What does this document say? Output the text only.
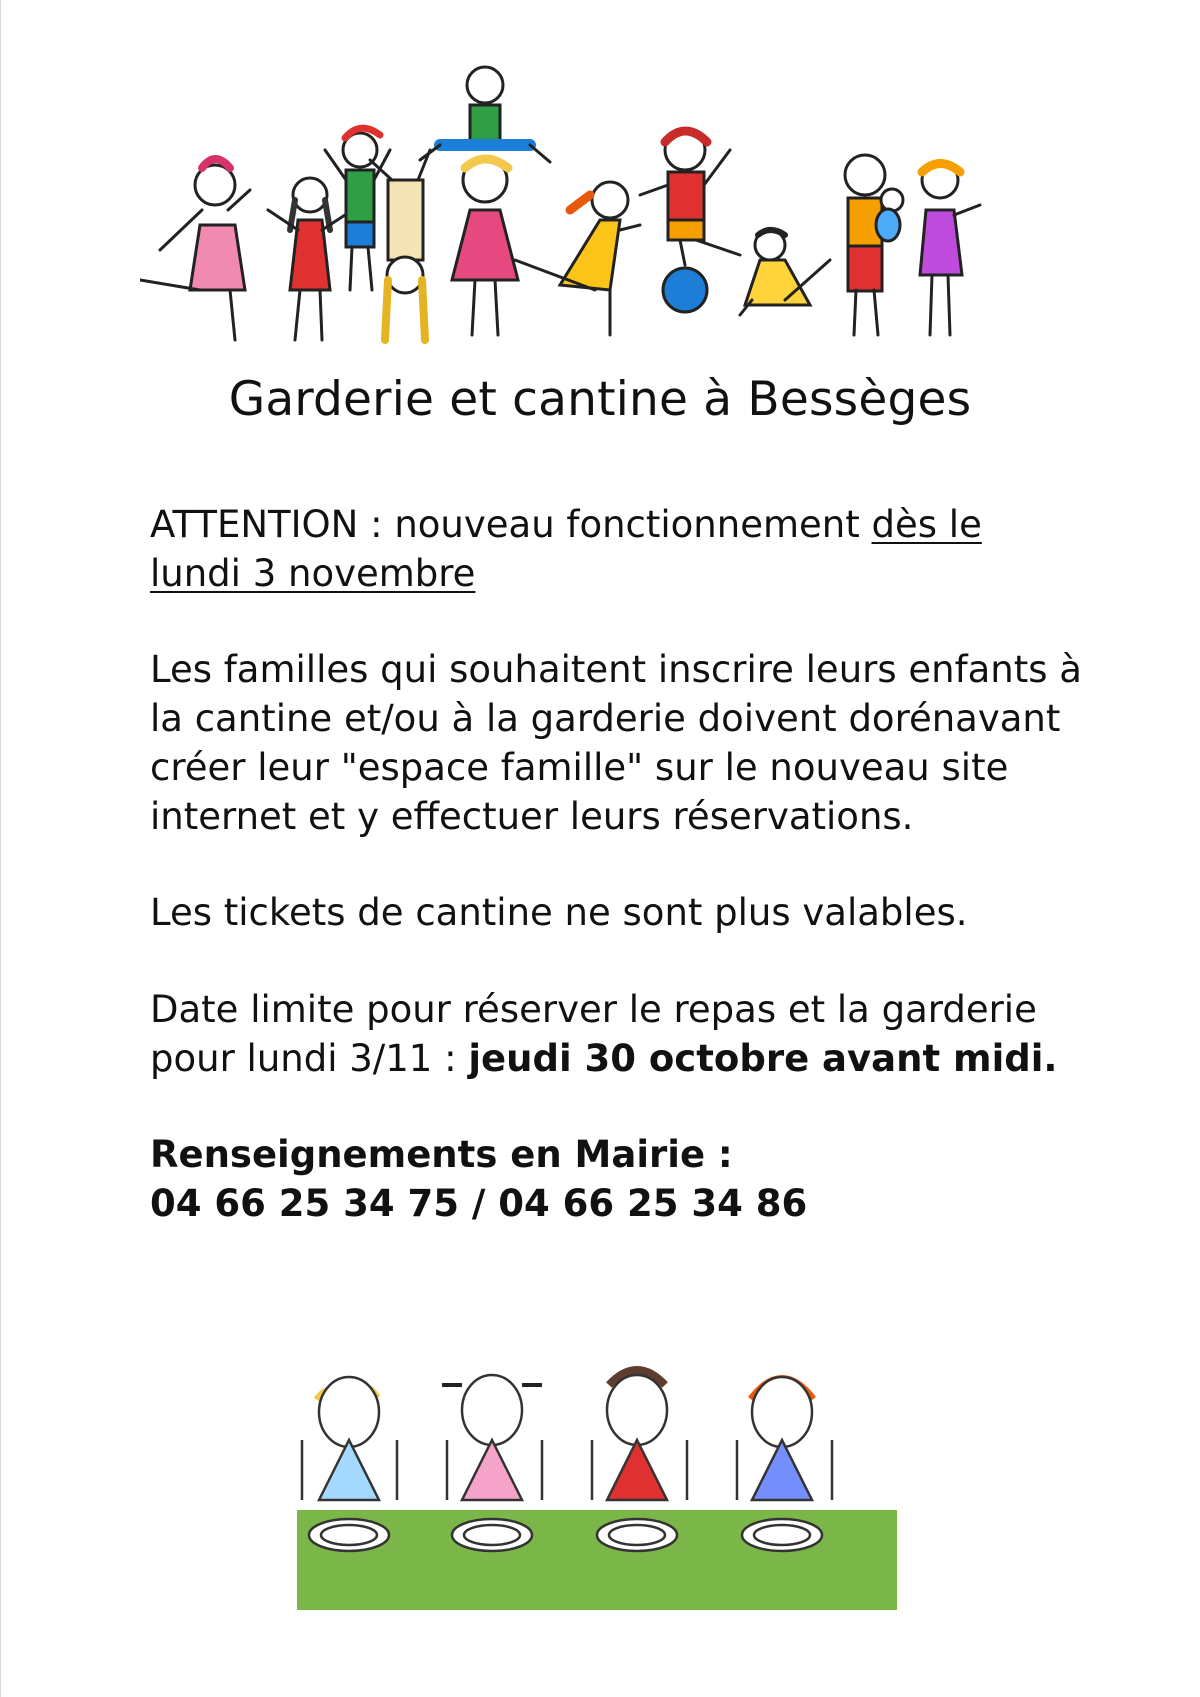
Garderie et cantine à Bessèges

ATTENTION : nouveau fonctionnement dès le
lundi 3 novembre

Les familles qui souhaitent inscrire leurs enfants à
la cantine et/ou à la garderie doivent dorénavant
créer leur "espace famille" sur le nouveau site
internet et y effectuer leurs réservations.

Les tickets de cantine ne sont plus valables.

Date limite pour réserver le repas et la garderie
pour lundi 3/11 : jeudi 30 octobre avant midi.

Renseignements en Mairie :
04 66 25 34 75 / 04 66 25 34 86
